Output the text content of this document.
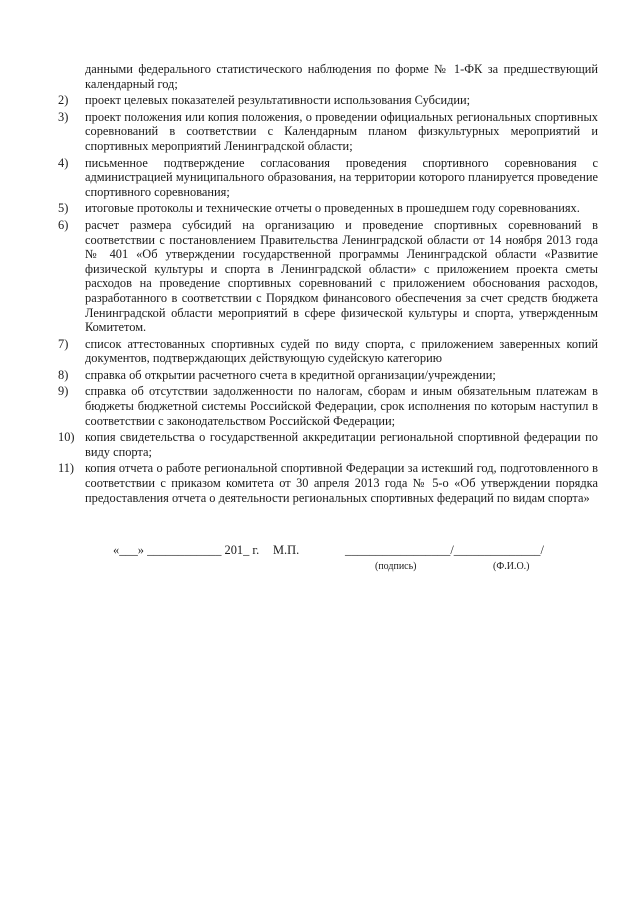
данными федерального статистического наблюдения по форме № 1-ФК за предшествующий календарный год;
2)	проект целевых показателей результативности использования Субсидии;
3)	проект положения или копия положения, о проведении официальных региональных спортивных соревнований в соответствии с Календарным планом физкультурных мероприятий и спортивных мероприятий Ленинградской области;
4)	письменное подтверждение согласования проведения спортивного соревнования с администрацией муниципального образования, на территории которого планируется проведение спортивного соревнования;
5)	итоговые протоколы и технические отчеты о проведенных в прошедшем году соревнованиях.
6)	расчет размера субсидий на организацию и проведение спортивных соревнований в соответствии с постановлением Правительства Ленинградской области от 14 ноября 2013 года № 401 «Об утверждении государственной программы Ленинградской области «Развитие физической культуры и спорта в Ленинградской области» с приложением проекта сметы расходов на проведение спортивных соревнований с приложением обоснования расходов, разработанного в соответствии с Порядком финансового обеспечения за счет средств бюджета Ленинградской области мероприятий в сфере физической культуры и спорта, утвержденным Комитетом.
7)	список аттестованных спортивных судей по виду спорта, с приложением заверенных копий документов, подтверждающих действующую судейскую категорию
8)	справка об открытии расчетного счета в кредитной организации/учреждении;
9)	справка об отсутствии задолженности по налогам, сборам и иным обязательным платежам в бюджеты бюджетной системы Российской Федерации, срок исполнения по которым наступил в соответствии с законодательством Российской Федерации;
10) копия свидетельства о государственной аккредитации региональной спортивной федерации по виду спорта;
11) копия отчета о работе региональной спортивной Федерации за истекший год, подготовленного в соответствии с приказом комитета от 30 апреля 2013 года № 5-о «Об утверждении порядка предоставления отчета о деятельности региональных спортивных федераций по видам спорта»
«___» ____________ 201_ г. М.П.	_________________/______________/
(подпись)	(Ф.И.О.)
